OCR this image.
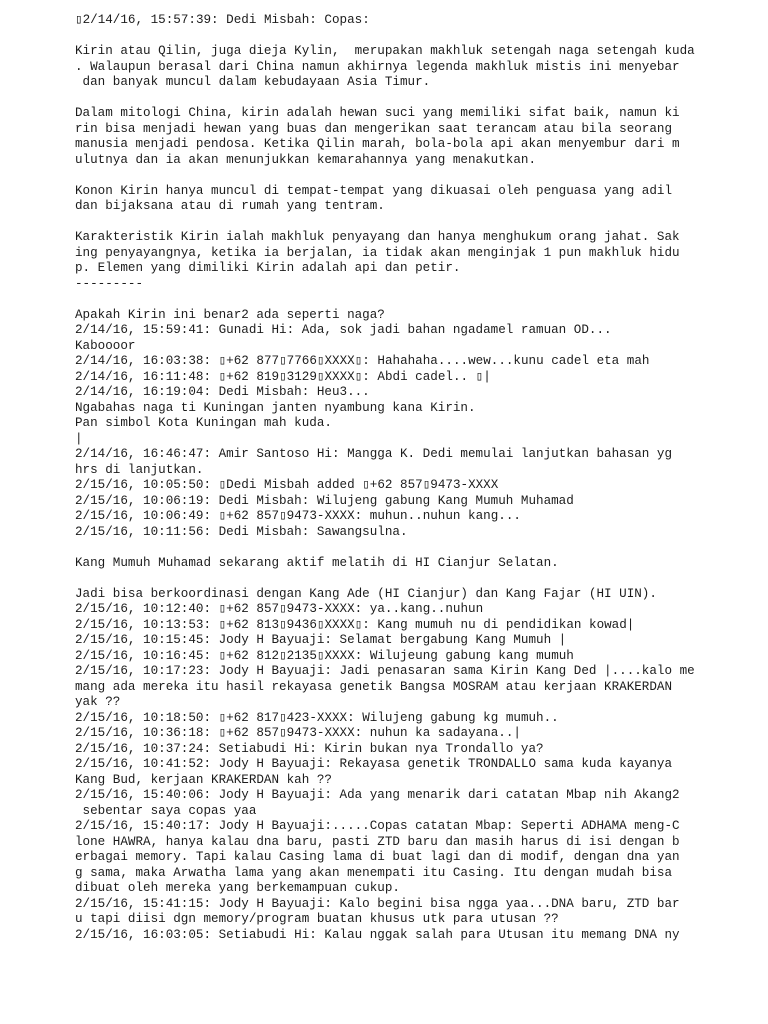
▯2/14/16, 15:57:39: Dedi Misbah: Copas:
Kirin atau Qilin, juga dieja Kylin,  merupakan makhluk setengah naga setengah kuda
. Walaupun berasal dari China namun akhirnya legenda makhluk mistis ini menyebar
dan banyak muncul dalam kebudayaan Asia Timur.
Dalam mitologi China, kirin adalah hewan suci yang memiliki sifat baik, namun ki
rin bisa menjadi hewan yang buas dan mengerikan saat terancam atau bila seorang
manusia menjadi pendosa. Ketika Qilin marah, bola-bola api akan menyembur dari m
ulutnya dan ia akan menunjukkan kemarahannya yang menakutkan.
Konon Kirin hanya muncul di tempat-tempat yang dikuasai oleh penguasa yang adil
dan bijaksana atau di rumah yang tentram.
Karakteristik Kirin ialah makhluk penyayang dan hanya menghukum orang jahat. Sak
ing penyayangnya, ketika ia berjalan, ia tidak akan menginjak 1 pun makhluk hidu
p. Elemen yang dimiliki Kirin adalah api dan petir.
---------
Apakah Kirin ini benar2 ada seperti naga?
2/14/16, 15:59:41: Gunadi Hi: Ada, sok jadi bahan ngadamel ramuan OD...
Kaboooor
2/14/16, 16:03:38: ▯+62 877▯7766▯XXXX▯: Hahahaha....wew...kunu cadel eta mah
2/14/16, 16:11:48: ▯+62 819▯3129▯XXXX▯: Abdi cadel.. ▯|
2/14/16, 16:19:04: Dedi Misbah: Heu3...
Ngabahas naga ti Kuningan janten nyambung kana Kirin.
Pan simbol Kota Kuningan mah kuda.
|
2/14/16, 16:46:47: Amir Santoso Hi: Mangga K. Dedi memulai lanjutkan bahasan yg
hrs di lanjutkan.
2/15/16, 10:05:50: ▯Dedi Misbah added ▯+62 857▯9473-XXXX
2/15/16, 10:06:19: Dedi Misbah: Wilujeng gabung Kang Mumuh Muhamad
2/15/16, 10:06:49: ▯+62 857▯9473-XXXX: muhun..nuhun kang...
2/15/16, 10:11:56: Dedi Misbah: Sawangsulna.
Kang Mumuh Muhamad sekarang aktif melatih di HI Cianjur Selatan.
Jadi bisa berkoordinasi dengan Kang Ade (HI Cianjur) dan Kang Fajar (HI UIN).
2/15/16, 10:12:40: ▯+62 857▯9473-XXXX: ya..kang..nuhun
2/15/16, 10:13:53: ▯+62 813▯9436▯XXXX▯: Kang mumuh nu di pendidikan kowad|
2/15/16, 10:15:45: Jody H Bayuaji: Selamat bergabung Kang Mumuh |
2/15/16, 10:16:45: ▯+62 812▯2135▯XXXX: Wilujeung gabung kang mumuh
2/15/16, 10:17:23: Jody H Bayuaji: Jadi penasaran sama Kirin Kang Ded |....kalo me
mang ada mereka itu hasil rekayasa genetik Bangsa MOSRAM atau kerjaan KRAKERDAN
yak ??
2/15/16, 10:18:50: ▯+62 817▯423-XXXX: Wilujeng gabung kg mumuh..
2/15/16, 10:36:18: ▯+62 857▯9473-XXXX: nuhun ka sadayana..|
2/15/16, 10:37:24: Setiabudi Hi: Kirin bukan nya Trondallo ya?
2/15/16, 10:41:52: Jody H Bayuaji: Rekayasa genetik TRONDALLO sama kuda kayanya
Kang Bud, kerjaan KRAKERDAN kah ??
2/15/16, 15:40:06: Jody H Bayuaji: Ada yang menarik dari catatan Mbap nih Akang2
sebentar saya copas yaa
2/15/16, 15:40:17: Jody H Bayuaji:.....Copas catatan Mbap: Seperti ADHAMA meng-C
lone HAWRA, hanya kalau dna baru, pasti ZTD baru dan masih harus di isi dengan b
erbagai memory. Tapi kalau Casing lama di buat lagi dan di modif, dengan dna yan
g sama, maka Arwatha lama yang akan menempati itu Casing. Itu dengan mudah bisa
dibuat oleh mereka yang berkemampuan cukup.
2/15/16, 15:41:15: Jody H Bayuaji: Kalo begini bisa ngga yaa...DNA baru, ZTD bar
u tapi diisi dgn memory/program buatan khusus utk para utusan ??
2/15/16, 16:03:05: Setiabudi Hi: Kalau nggak salah para Utusan itu memang DNA ny
